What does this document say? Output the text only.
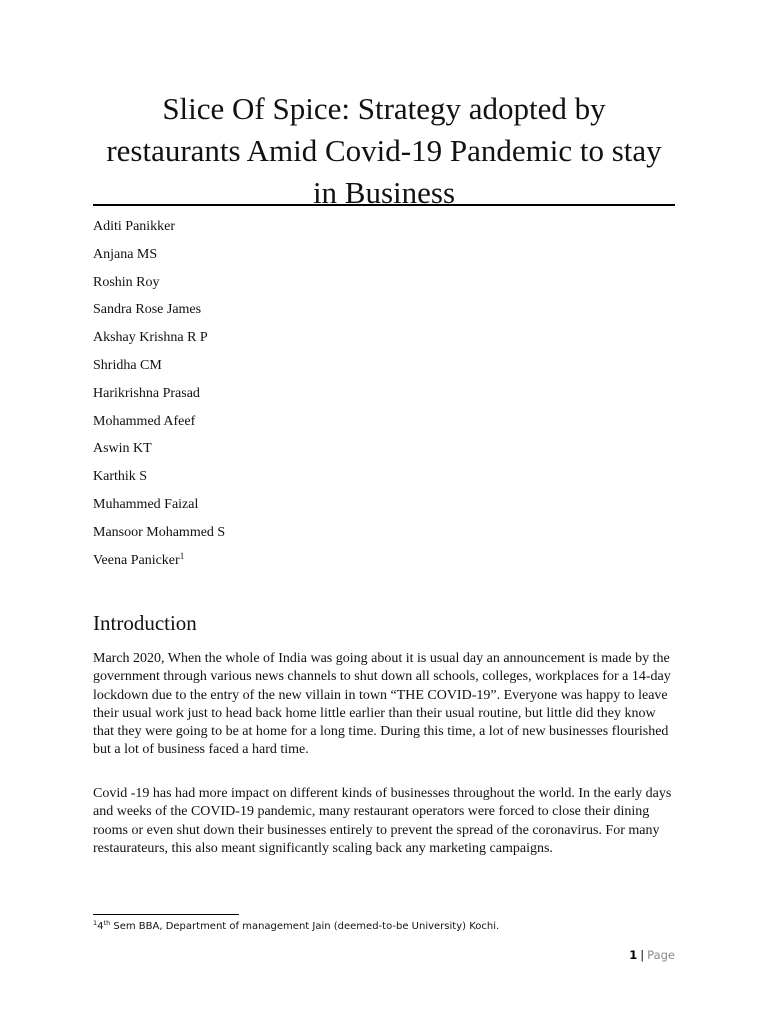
Slice Of Spice: Strategy adopted by restaurants Amid Covid-19 Pandemic to stay in Business
Aditi Panikker
Anjana MS
Roshin Roy
Sandra Rose James
Akshay Krishna R P
Shridha CM
Harikrishna Prasad
Mohammed Afeef
Aswin KT
Karthik S
Muhammed Faizal
Mansoor Mohammed S
Veena Panicker$^1$
Introduction

March 2020, When the whole of India was going about it is usual day an announcement is made by the government through various news channels to shut down all schools, colleges, workplaces for a 14-day lockdown due to the entry of the new villain in town “THE COVID-19”. Everyone was happy to leave their usual work just to head back home little earlier than their usual routine, but little did they know that they were going to be at home for a long time. During this time, a lot of new businesses flourished but a lot of business faced a hard time.

Covid -19 has had more impact on different kinds of businesses throughout the world. In the early days and weeks of the COVID-19 pandemic, many restaurant operators were forced to close their dining rooms or even shut down their businesses entirely to prevent the spread of the coronavirus. For many restaurateurs, this also meant significantly scaling back any marketing campaigns.

$^1$4th Sem BBA, Department of management Jain (deemed-to-be University) Kochi.

1 | Page
